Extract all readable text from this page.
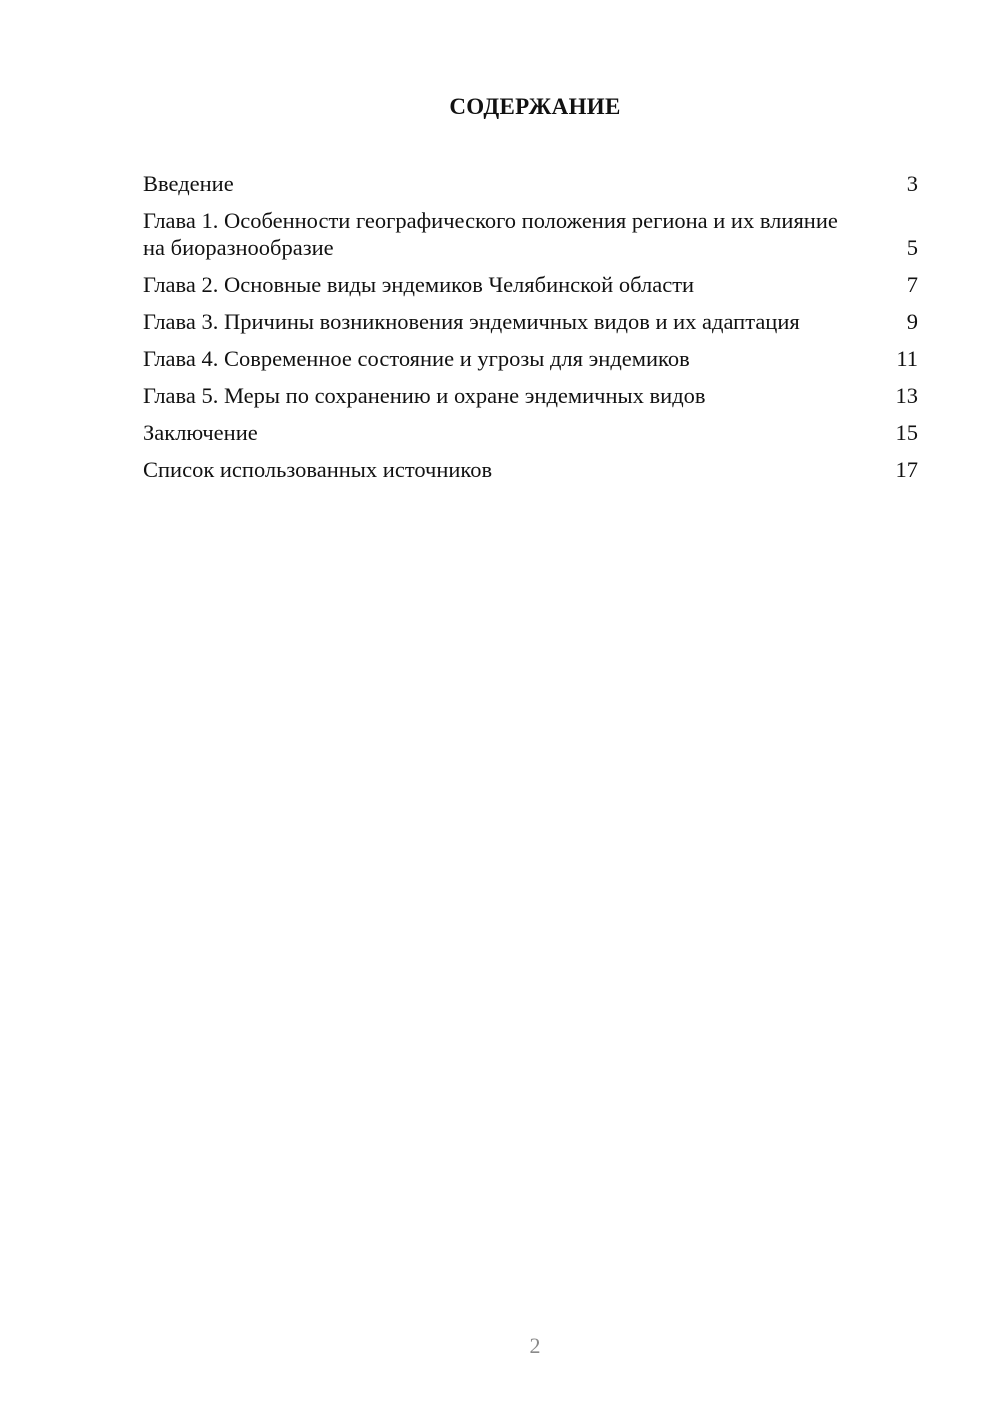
СОДЕРЖАНИЕ
Введение	3
Глава 1. Особенности географического положения региона и их влияние на биоразнообразие	5
Глава 2. Основные виды эндемиков Челябинской области	7
Глава 3. Причины возникновения эндемичных видов и их адаптация	9
Глава 4. Современное состояние и угрозы для эндемиков	11
Глава 5. Меры по сохранению и охране эндемичных видов	13
Заключение	15
Список использованных источников	17
2
